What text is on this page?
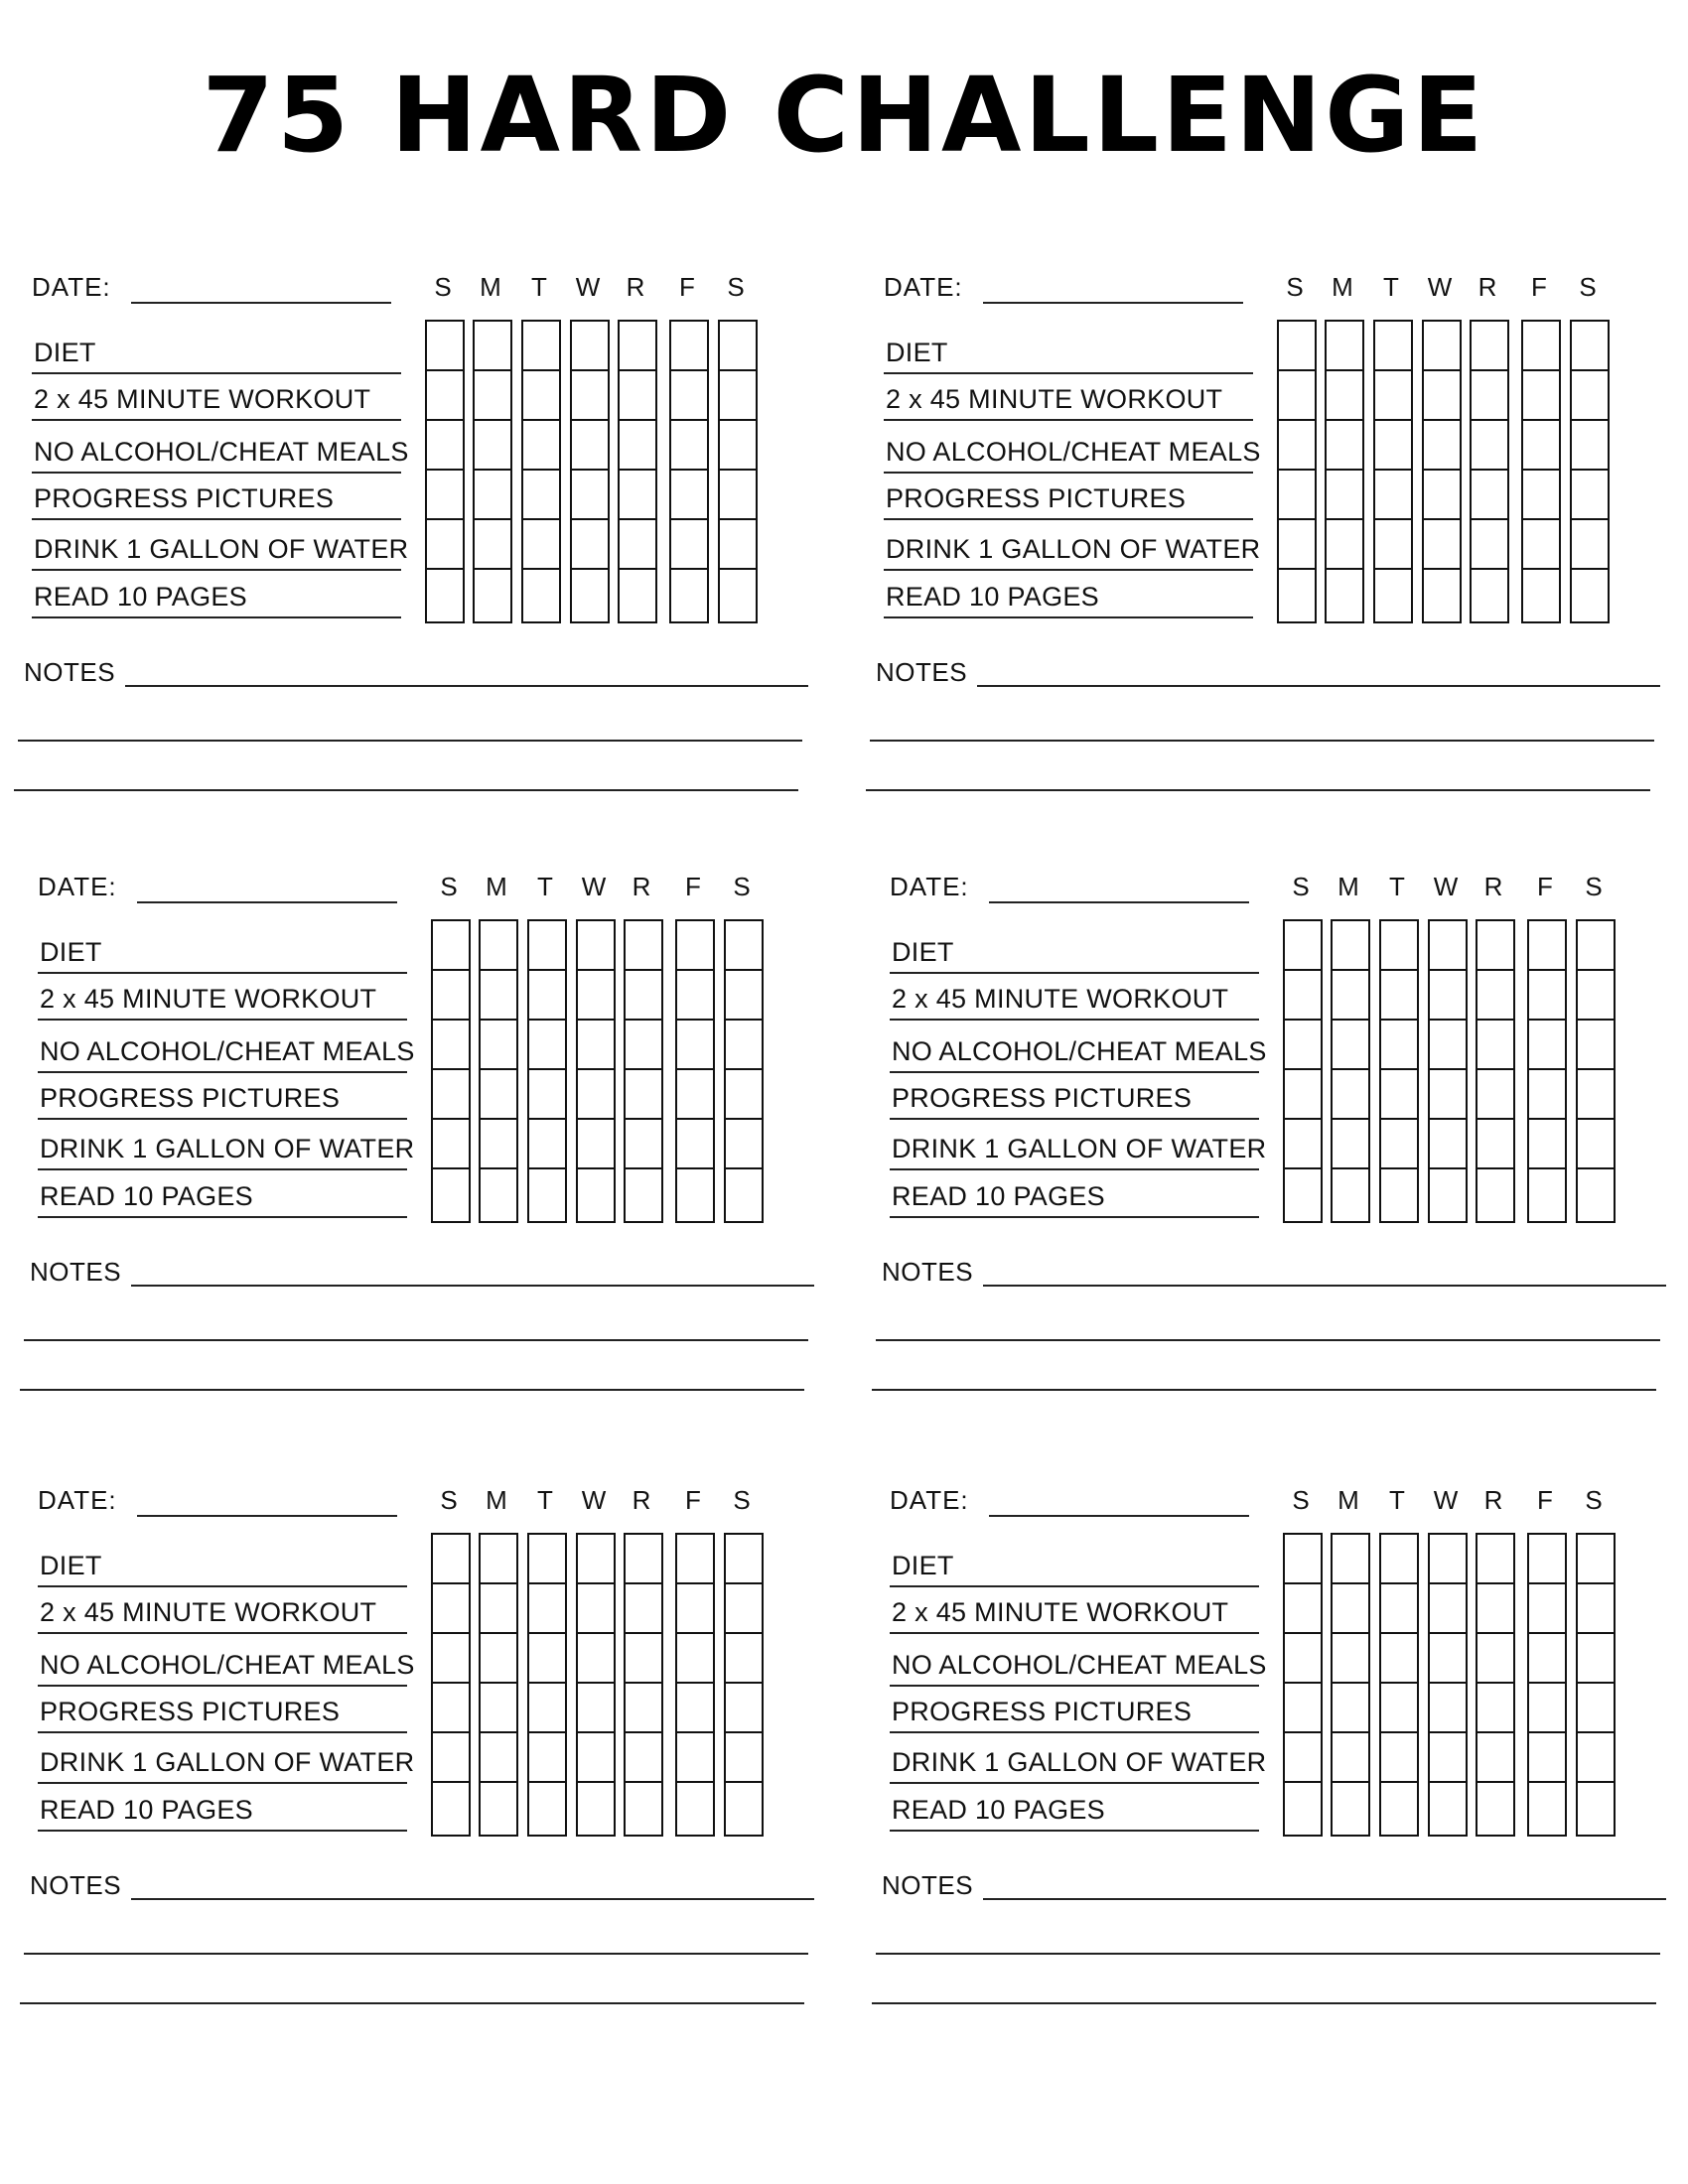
75 HARD CHALLENGE
DATE:
DIET
2 x 45 MINUTE WORKOUT
NO ALCOHOL/CHEAT MEALS
PROGRESS PICTURES
DRINK 1 GALLON OF WATER
READ 10 PAGES
S	M	T	W	R	F	S
NOTES
DATE:
DIET
2 x 45 MINUTE WORKOUT
NO ALCOHOL/CHEAT MEALS
PROGRESS PICTURES
DRINK 1 GALLON OF WATER
READ 10 PAGES
S	M	T	W	R	F	S
NOTES
DATE:
DIET
2 x 45 MINUTE WORKOUT
NO ALCOHOL/CHEAT MEALS
PROGRESS PICTURES
DRINK 1 GALLON OF WATER
READ 10 PAGES
S	M	T	W	R	F	S
NOTES
DATE:
DIET
2 x 45 MINUTE WORKOUT
NO ALCOHOL/CHEAT MEALS
PROGRESS PICTURES
DRINK 1 GALLON OF WATER
READ 10 PAGES
S	M	T	W	R	F	S
NOTES
DATE:
DIET
2 x 45 MINUTE WORKOUT
NO ALCOHOL/CHEAT MEALS
PROGRESS PICTURES
DRINK 1 GALLON OF WATER
READ 10 PAGES
S	M	T	W	R	F	S
NOTES
DATE:
DIET
2 x 45 MINUTE WORKOUT
NO ALCOHOL/CHEAT MEALS
PROGRESS PICTURES
DRINK 1 GALLON OF WATER
READ 10 PAGES
S	M	T	W	R	F	S
NOTES
